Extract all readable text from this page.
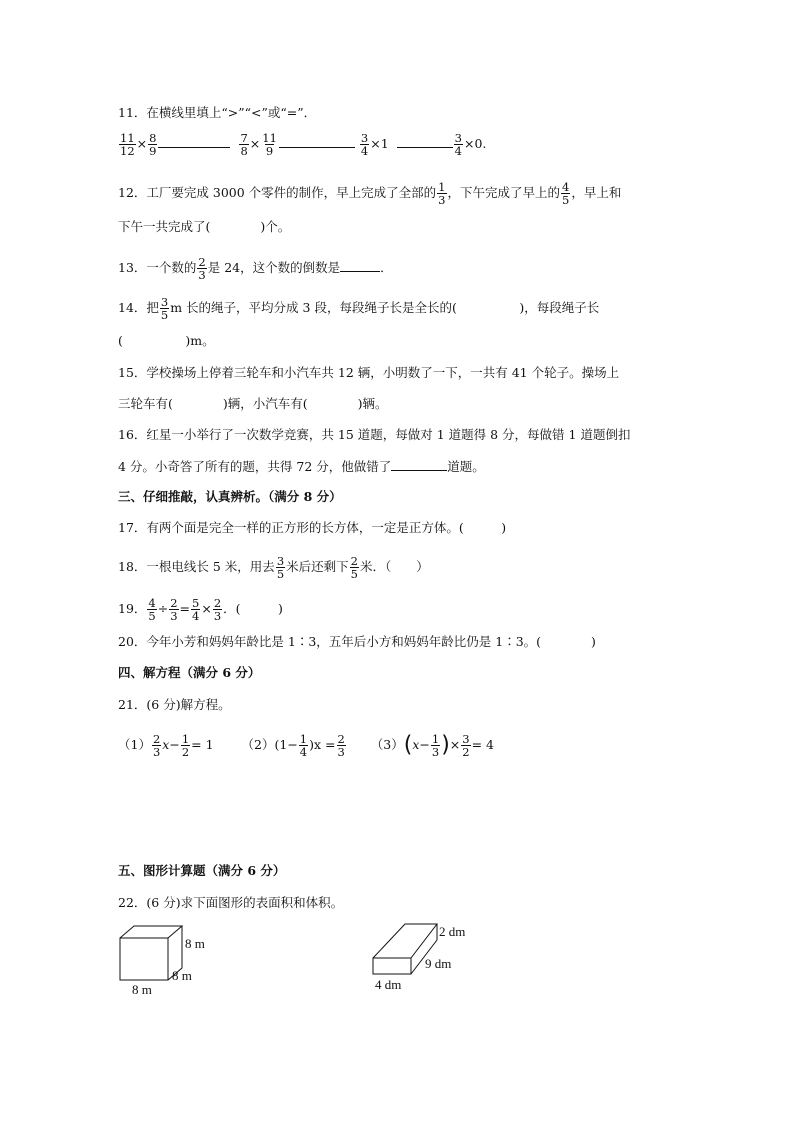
11．在横线里填上“>”“<”或“=”．
$\frac{11}{12} \times \frac{8}{9}$	$\frac{7}{8} \times \frac{11}{9}$	$\frac{3}{4} \times 1$	$\frac{3}{4} \times 0$.
12．工厂要完成 3000 个零件的制作，早上完成了全部的 $\frac{1}{3}$ ，下午完成了早上的 $\frac{4}{5}$ ，早上和
下午一共完成了(　　　　)个。
13．一个数的 $\frac{2}{3}$ 是 24，这个数的倒数是	．
14．把 $\frac{3}{5}$ m 长的绳子，平均分成 3 段，每段绳子长是全长的(　　　　　)，每段绳子长
(　　　　　)m。
15．学校操场上停着三轮车和小汽车共 12 辆，小明数了一下，一共有 41 个轮子。操场上
三轮车有(　　　　)辆，小汽车有(　　　　)辆。
16．红星一小举行了一次数学竞赛，共 15 道题，每做对 1 道题得 8 分，每做错 1 道题倒扣
4 分。小奇答了所有的题，共得 72 分，他做错了	道题。
三、仔细推敲，认真辨析。（满分 8 分）
17．有两个面是完全一样的正方形的长方体，一定是正方体。(　　　)
18．一根电线长 5 米，用去 $\frac{3}{5}$ 米后还剩下 $\frac{2}{5}$ 米．（　　）
19． $\frac{4}{5} \div \frac{2}{3} = \frac{5}{4} \times \frac{2}{3}$ ．(　　　)
20．今年小芳和妈妈年龄比是 1∶3，五年后小方和妈妈年龄比仍是 1∶3。(　　　　)
四、解方程（满分 6 分）
21．(6 分)解方程。
$(1) \frac{2}{3} x- \frac{1}{2} = 1$ $(2)(1- \frac{1}{4} )x = \frac{2}{3} (3)(x- \frac{1}{3}$ )× $\frac{3}{2} = 4$
五、图形计算题（满分 6 分）
22．(6 分)求下面图形的表面积和体积。
8 m
8 m
8 m
2 dm
9 dm
4 dm
